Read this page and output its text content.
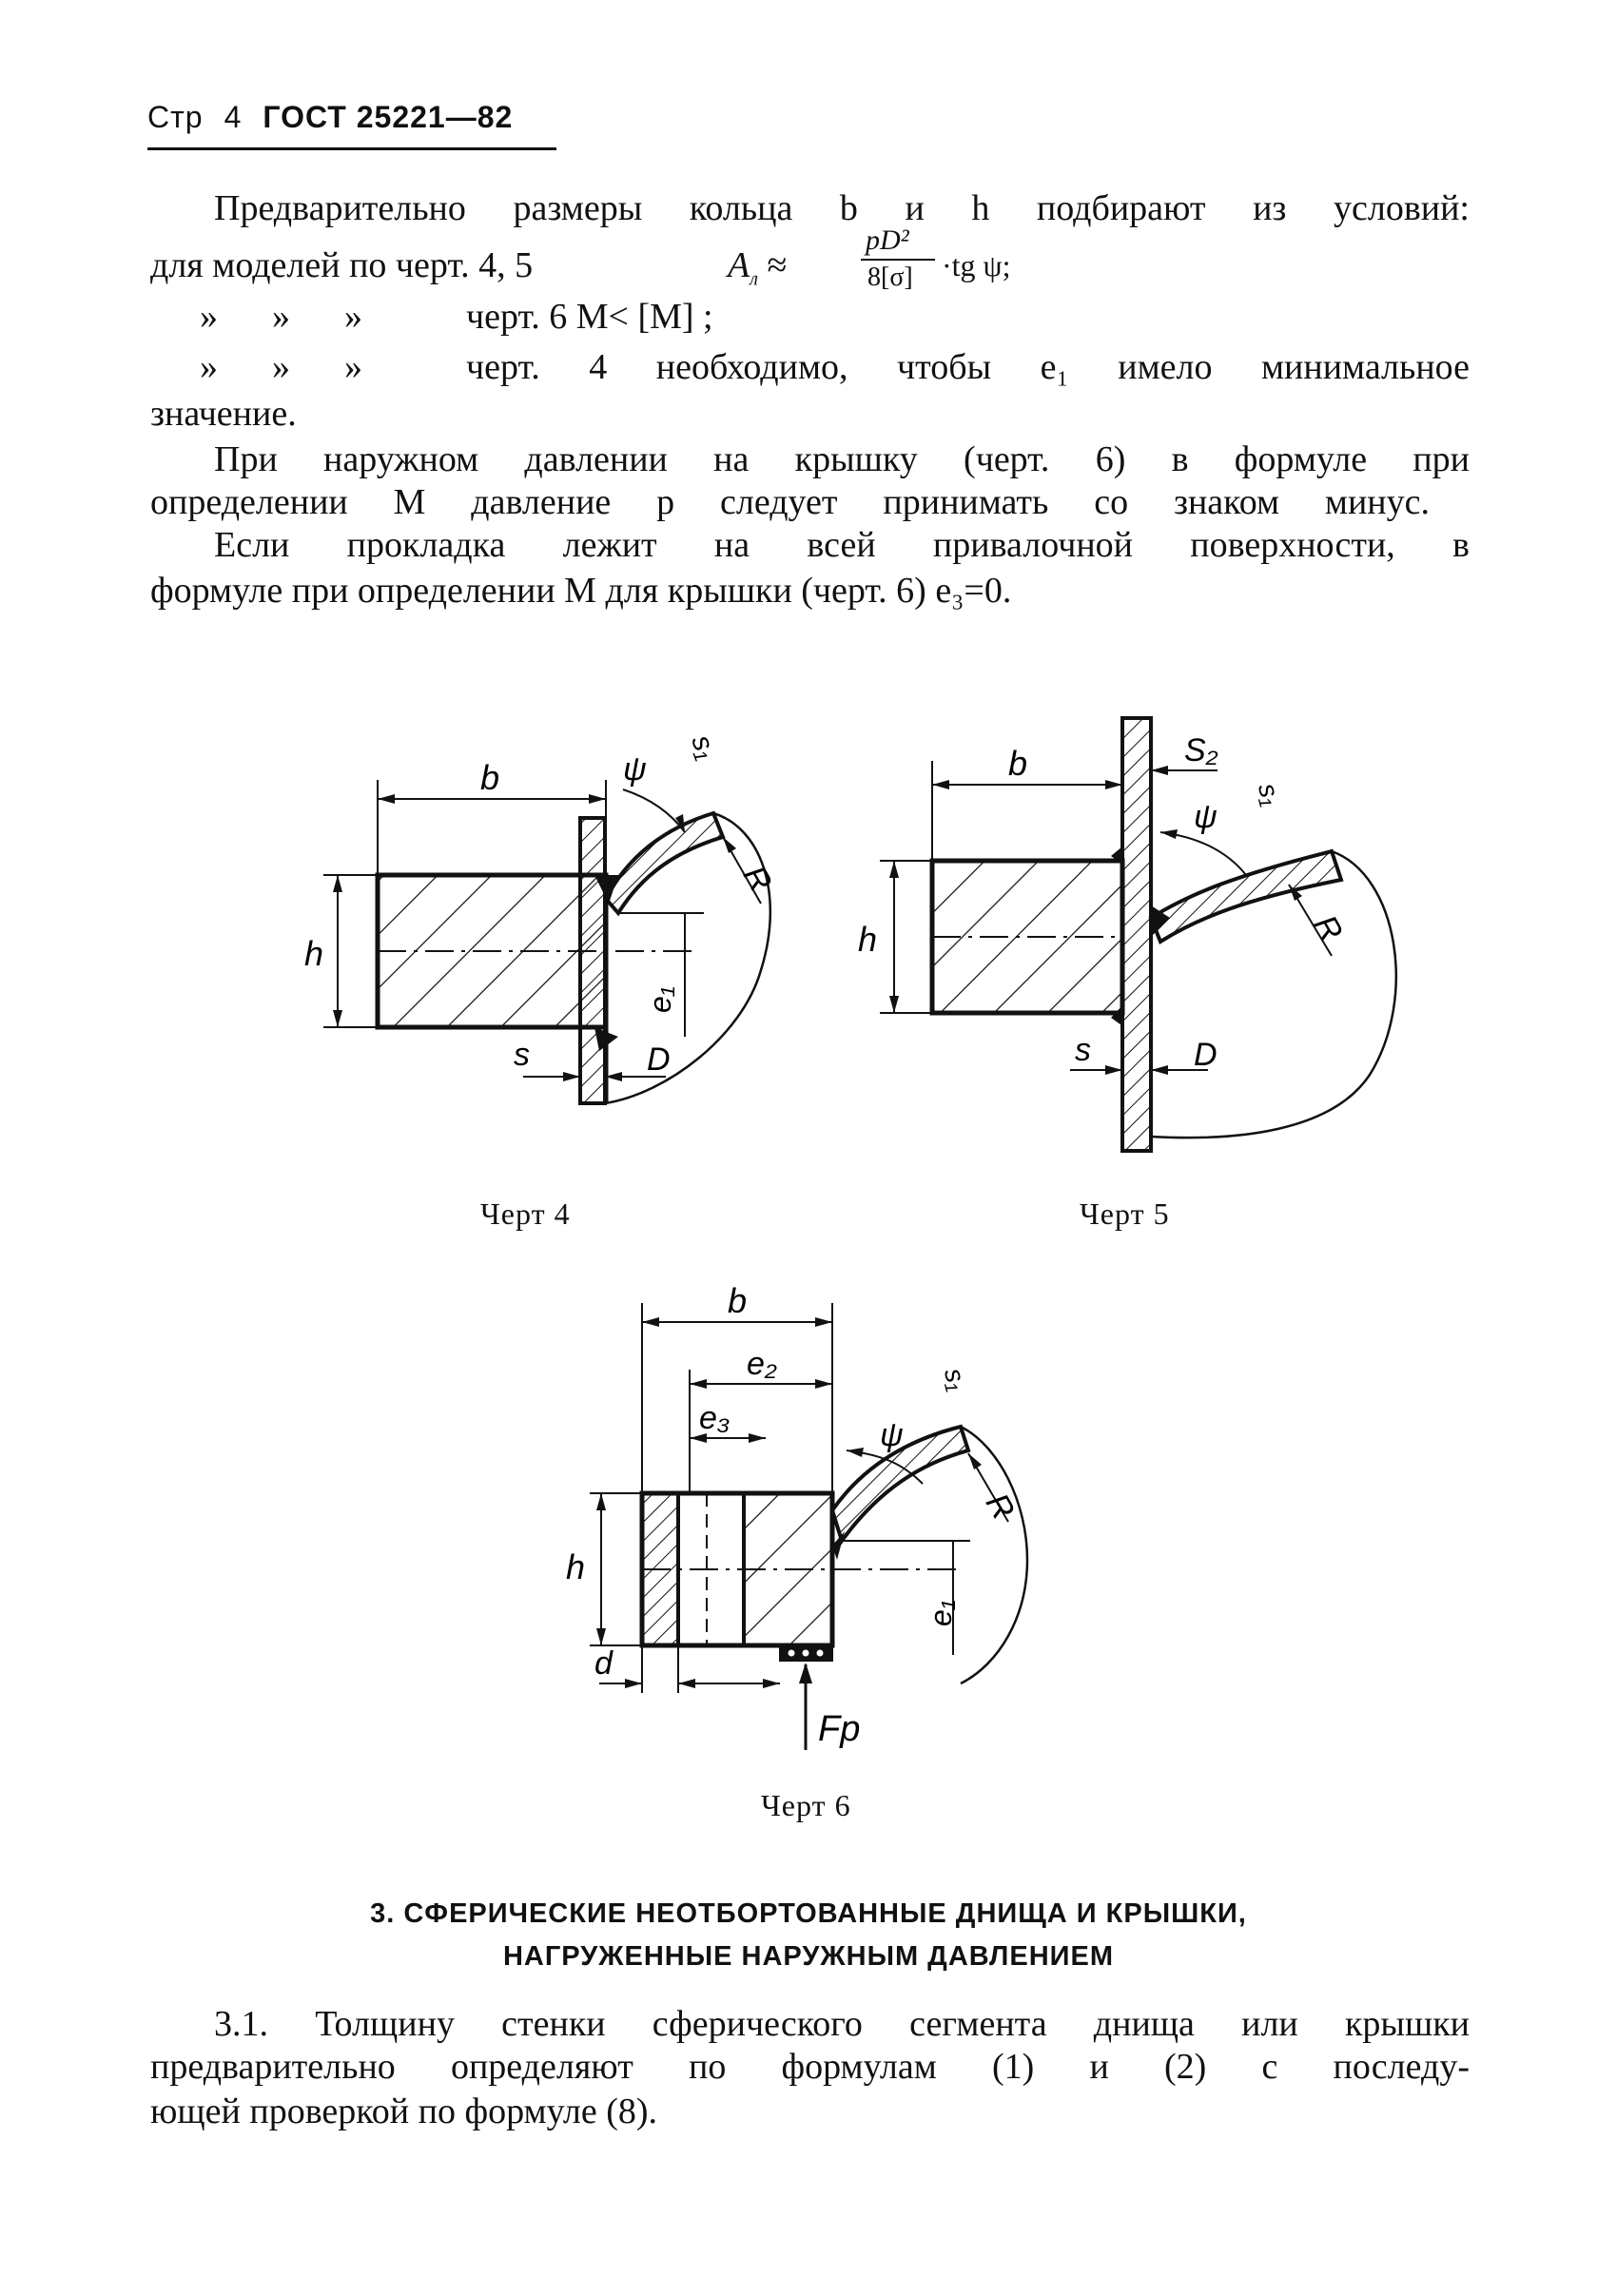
Стр 4 ГОСТ 25221—82
Предварительно размеры кольца b и h подбирают из условий:
для моделей по черт. 4, 5	$A_л$ ≈
pD²
8[σ] ·tg ψ;
»      »      »	черт. 6 M< [M] ;
»      »      »	черт. 4 необходимо, чтобы e₁ имело минимальное
значение.
При наружном давлении на крышку (черт. 6) в формуле при
определении M давление p следует принимать со знаком минус.
Если прокладка лежит на всей привалочной поверхности, в
формуле при определении M для крышки (черт. 6) e₃=0.
b
h
e₁
s	D
ψ
s₁
R
Черт 4
b
h
S₂
s	D
ψ
s₁
R
Черт 5
b
e₂
e₃
h
e₁
d
Fp
ψ
s₁
R
Черт 6
3. СФЕРИЧЕСКИЕ НЕОТБОРТОВАННЫЕ ДНИЩА И КРЫШКИ,
НАГРУЖЕННЫЕ НАРУЖНЫМ ДАВЛЕНИЕМ
3.1. Толщину стенки сферического сегмента днища или крышки
предварительно определяют по формулам (1) и (2) с последу-
ющей проверкой по формуле (8).
